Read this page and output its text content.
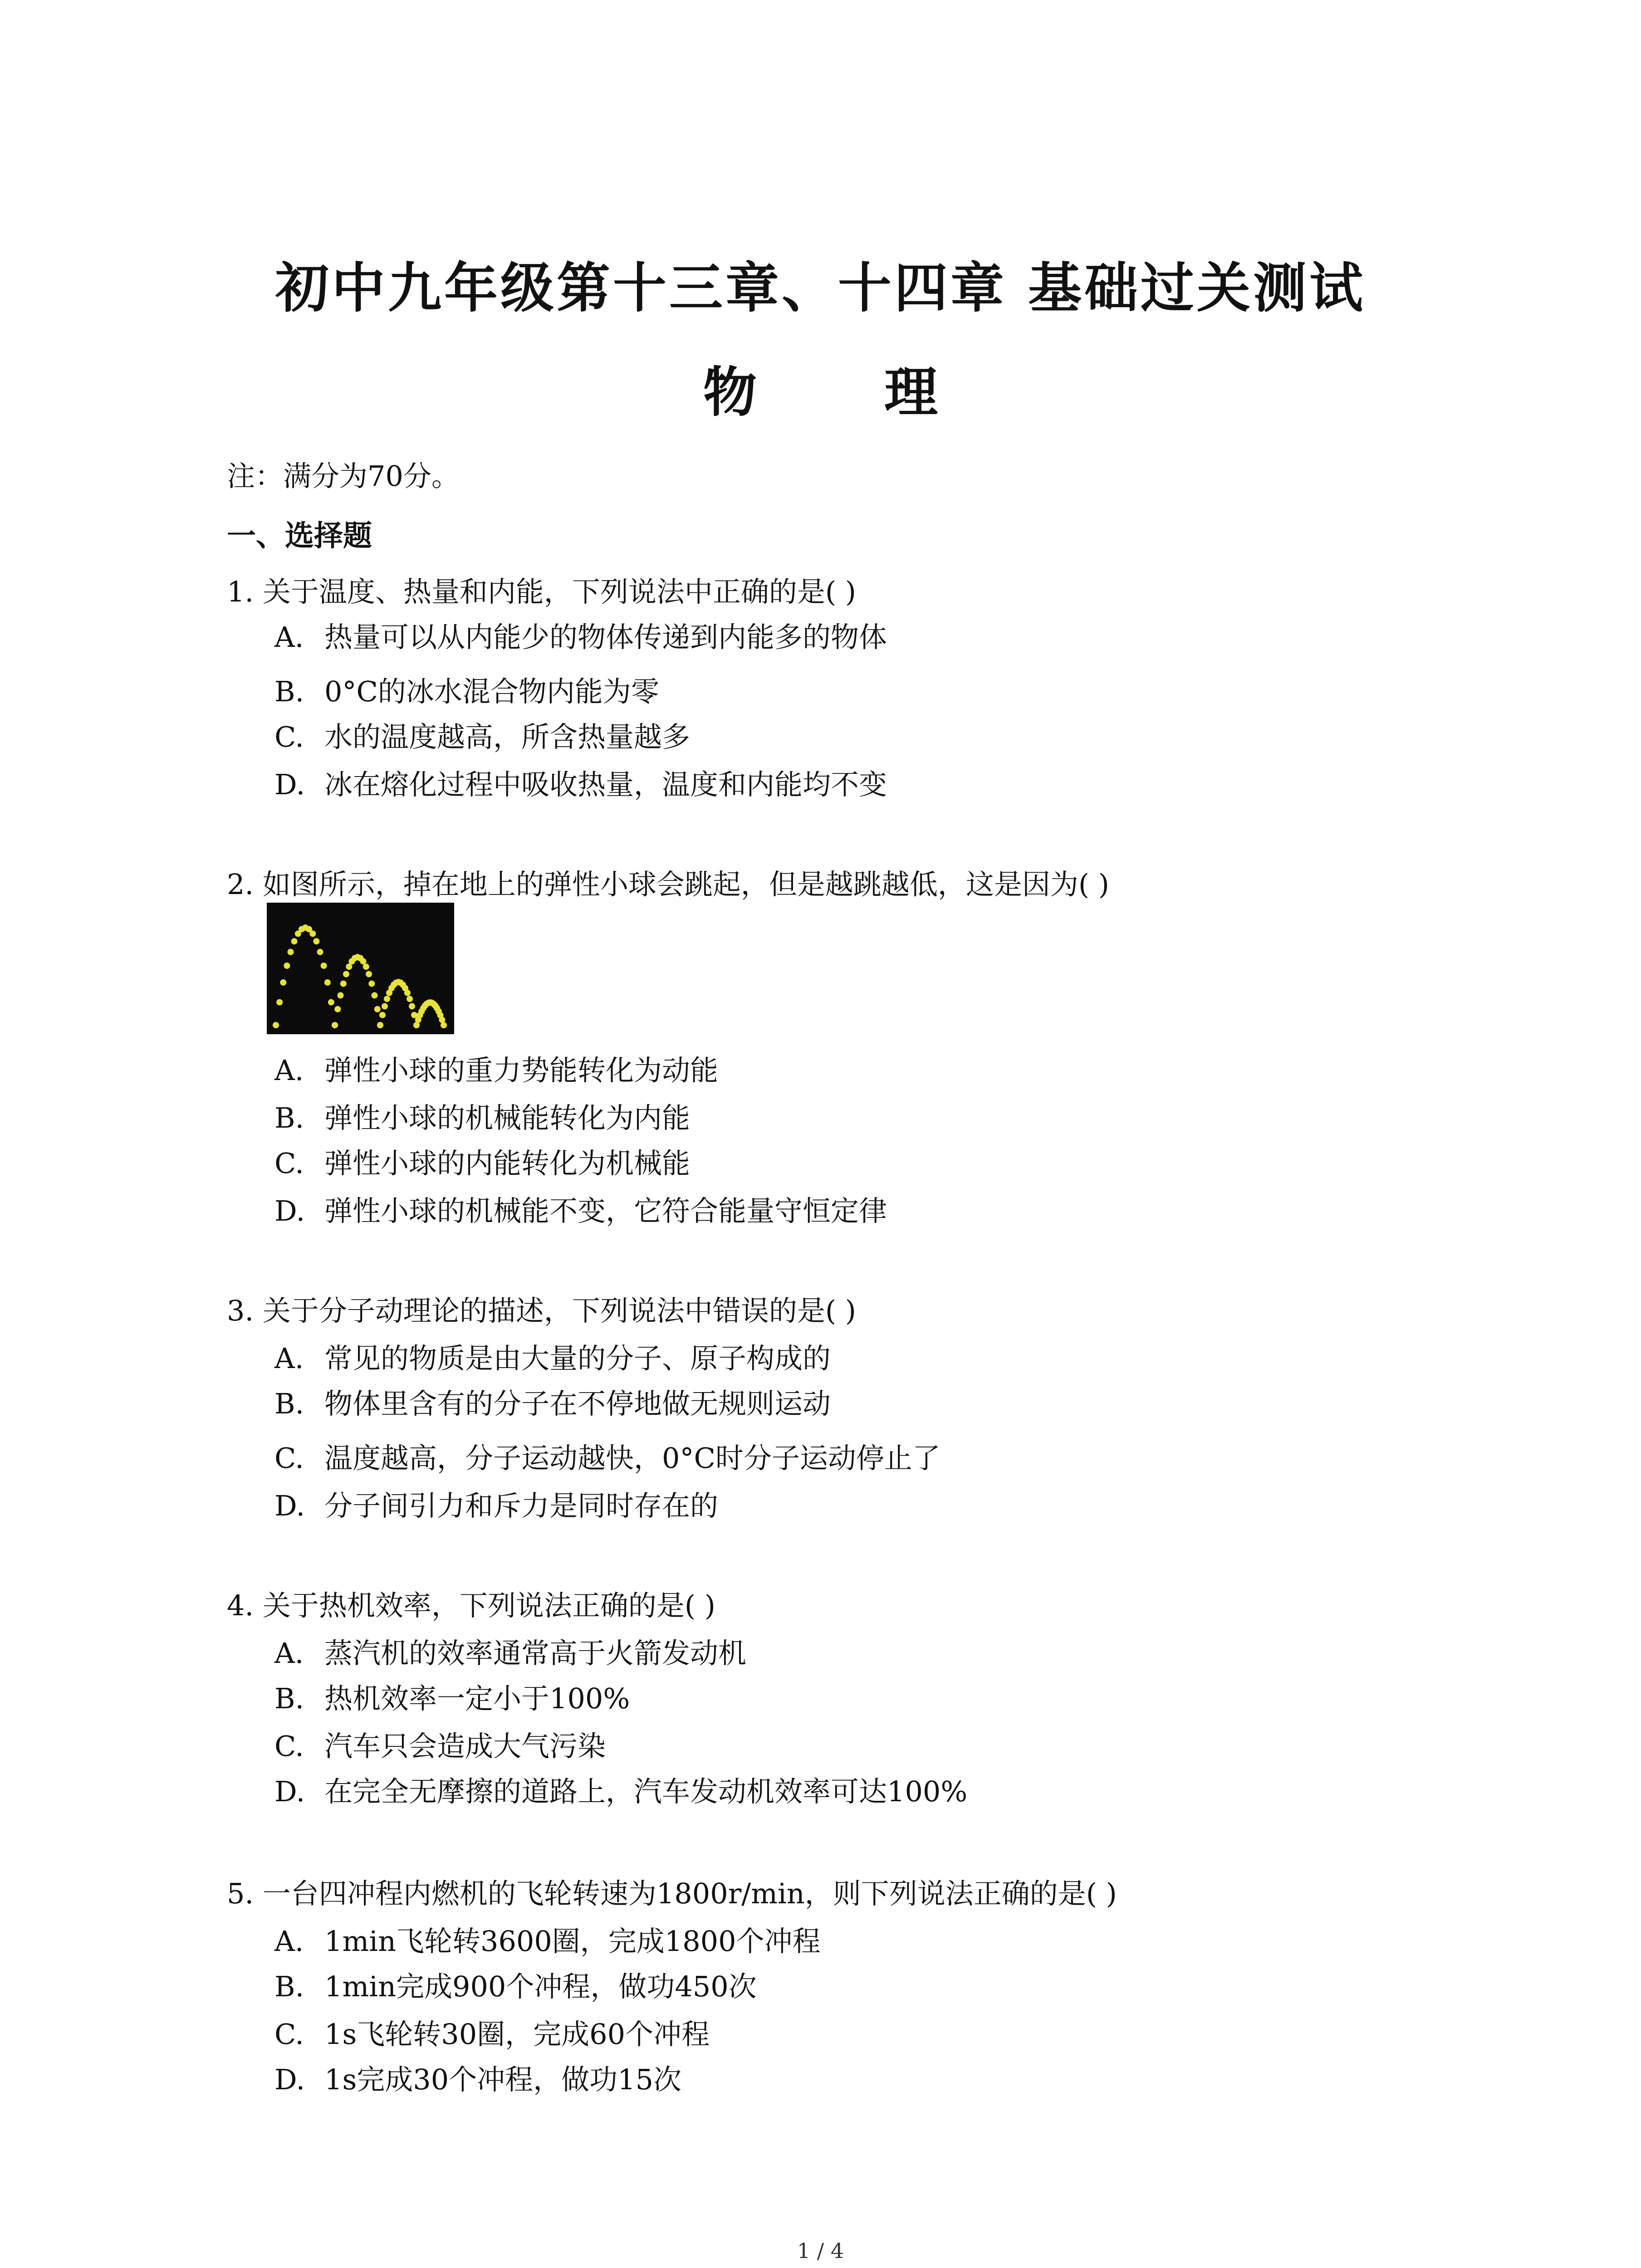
初中九年级第十三章、十四章 基础过关测试
物 理
注：满分为70分。
一、选择题
1. 关于温度、热量和内能，下列说法中正确的是( )
A. 热量可以从内能少的物体传递到内能多的物体
B. 0°C的冰水混合物内能为零
C. 水的温度越高，所含热量越多
D. 冰在熔化过程中吸收热量，温度和内能均不变
2. 如图所示，掉在地上的弹性小球会跳起，但是越跳越低，这是因为( )
A. 弹性小球的重力势能转化为动能
B. 弹性小球的机械能转化为内能
C. 弹性小球的内能转化为机械能
D. 弹性小球的机械能不变，它符合能量守恒定律
3. 关于分子动理论的描述，下列说法中错误的是( )
A. 常见的物质是由大量的分子、原子构成的
B. 物体里含有的分子在不停地做无规则运动
C. 温度越高，分子运动越快，0°C时分子运动停止了
D. 分子间引力和斥力是同时存在的
4. 关于热机效率，下列说法正确的是( )
A. 蒸汽机的效率通常高于火箭发动机
B. 热机效率一定小于100%
C. 汽车只会造成大气污染
D. 在完全无摩擦的道路上，汽车发动机效率可达100%
5. 一台四冲程内燃机的飞轮转速为1800r/min，则下列说法正确的是( )
A. 1min飞轮转3600圈，完成1800个冲程
B. 1min完成900个冲程，做功450次
C. 1s飞轮转30圈，完成60个冲程
D. 1s完成30个冲程，做功15次
1 / 4
